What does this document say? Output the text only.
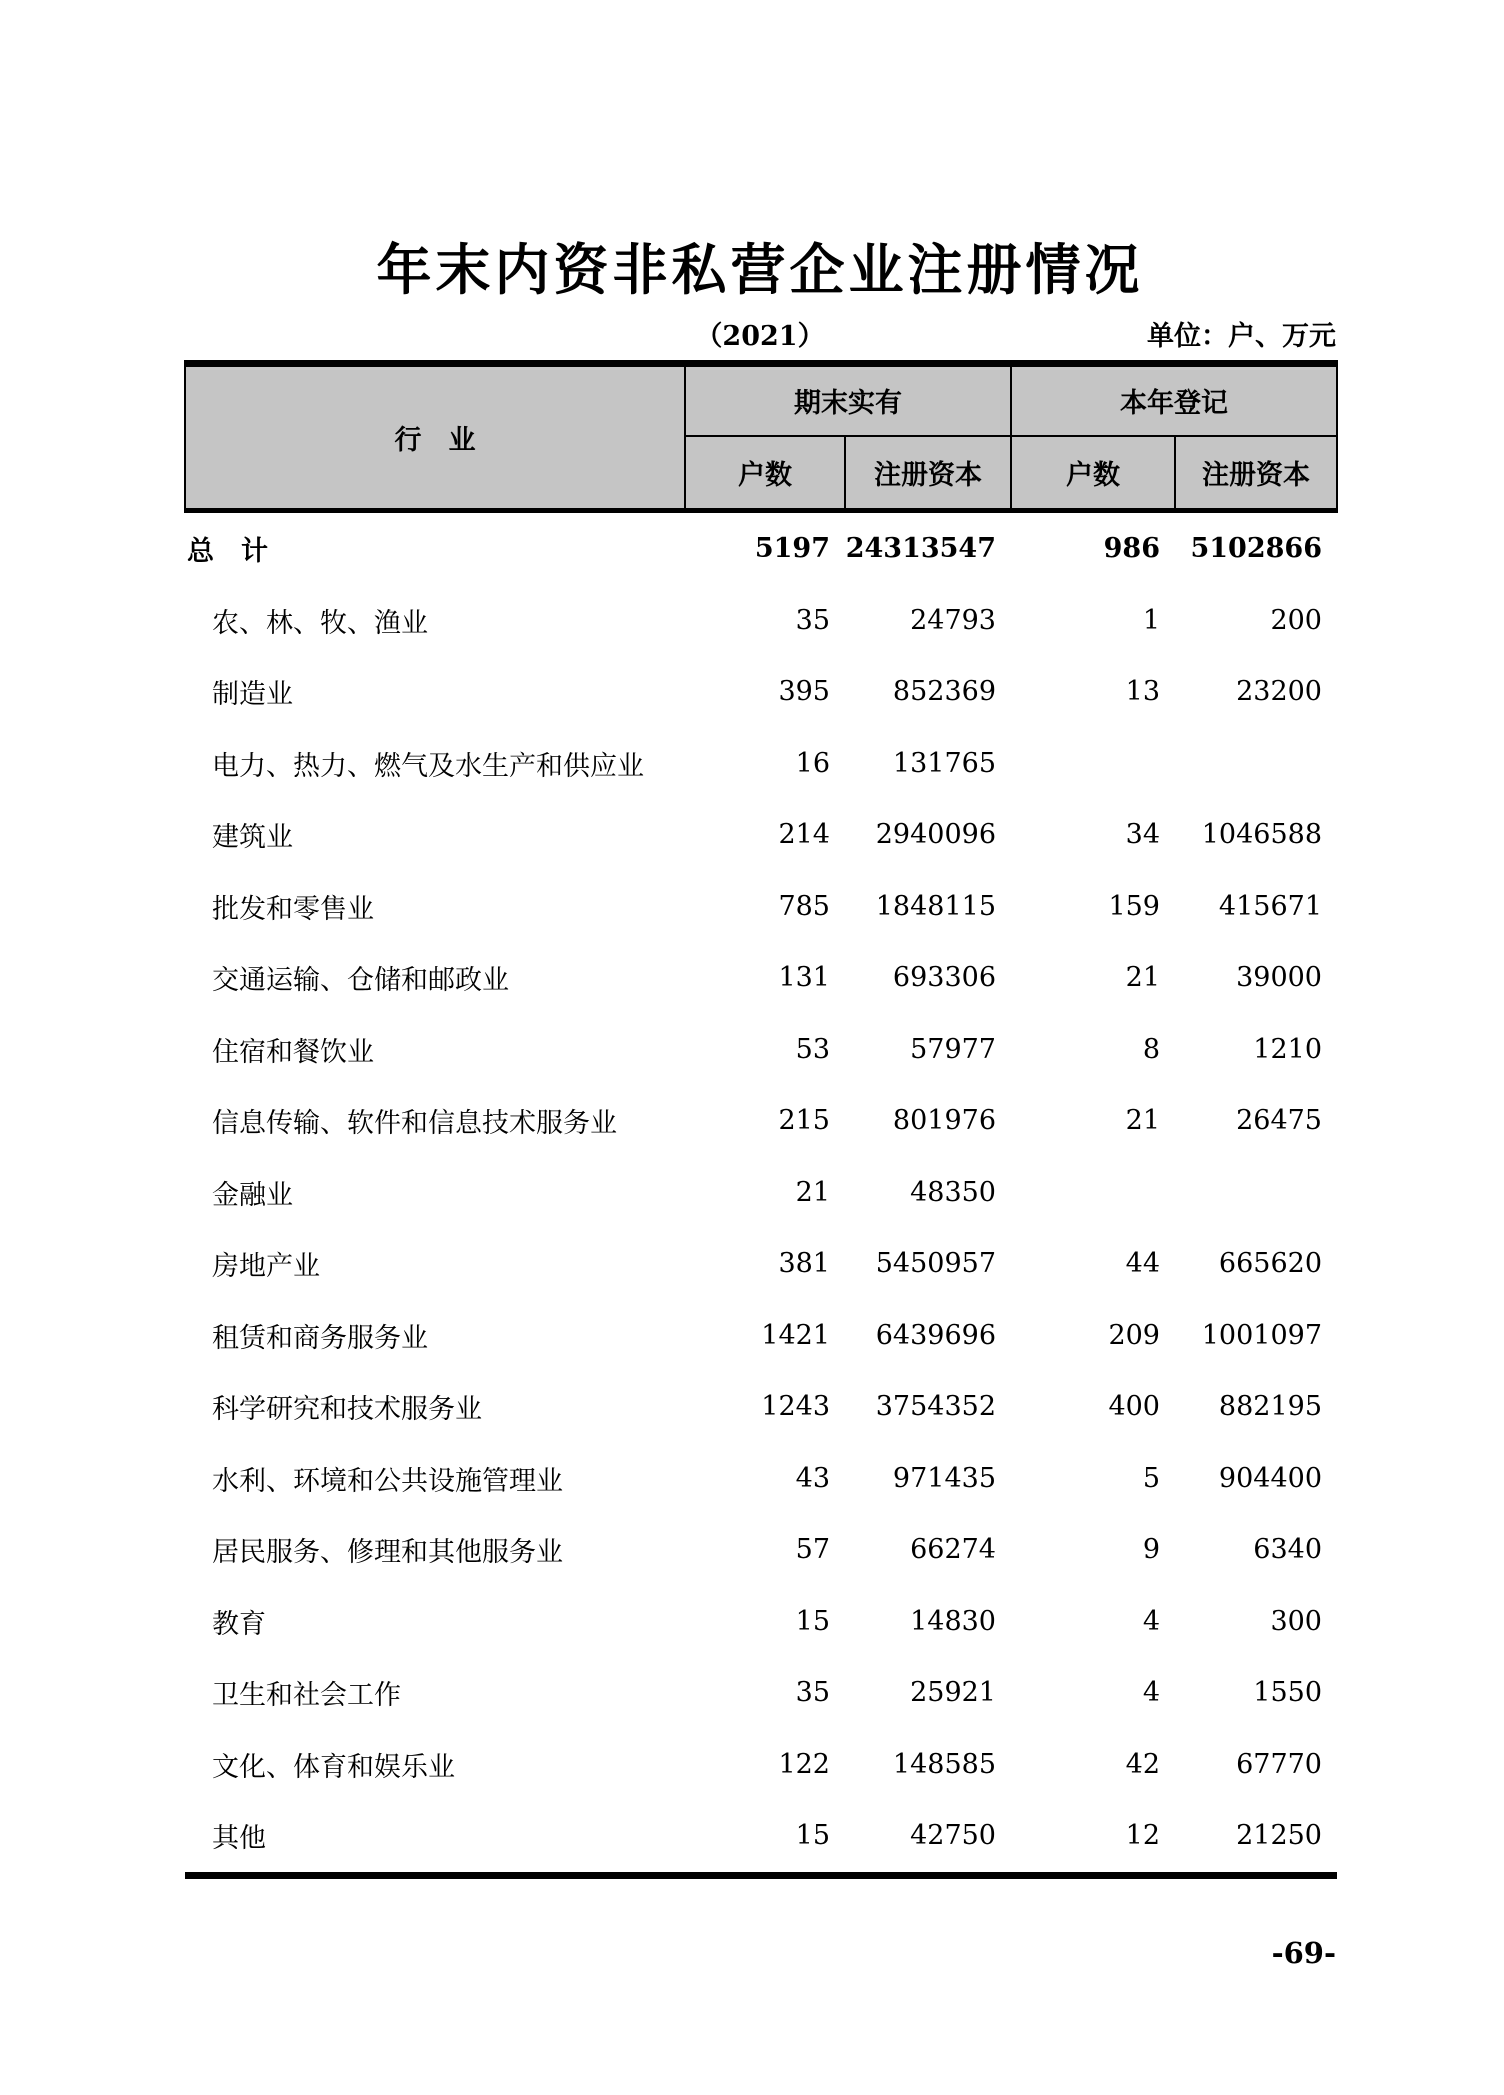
年末内资非私营企业注册情况
（2021）	单位：户、万元
行　业	期末实有		本年登记	
	户数	注册资本	户数	注册资本
总　计	5197	24313547	986	5102866
农、林、牧、渔业	35	24793	1	200
制造业	395	852369	13	23200
电力、热力、燃气及水生产和供应业	16	131765		
建筑业	214	2940096	34	1046588
批发和零售业	785	1848115	159	415671
交通运输、仓储和邮政业	131	693306	21	39000
住宿和餐饮业	53	57977	8	1210
信息传输、软件和信息技术服务业	215	801976	21	26475
金融业	21	48350		
房地产业	381	5450957	44	665620
租赁和商务服务业	1421	6439696	209	1001097
科学研究和技术服务业	1243	3754352	400	882195
水利、环境和公共设施管理业	43	971435	5	904400
居民服务、修理和其他服务业	57	66274	9	6340
教育	15	14830	4	300
卫生和社会工作	35	25921	4	1550
文化、体育和娱乐业	122	148585	42	67770
其他	15	42750	12	21250
-69-
